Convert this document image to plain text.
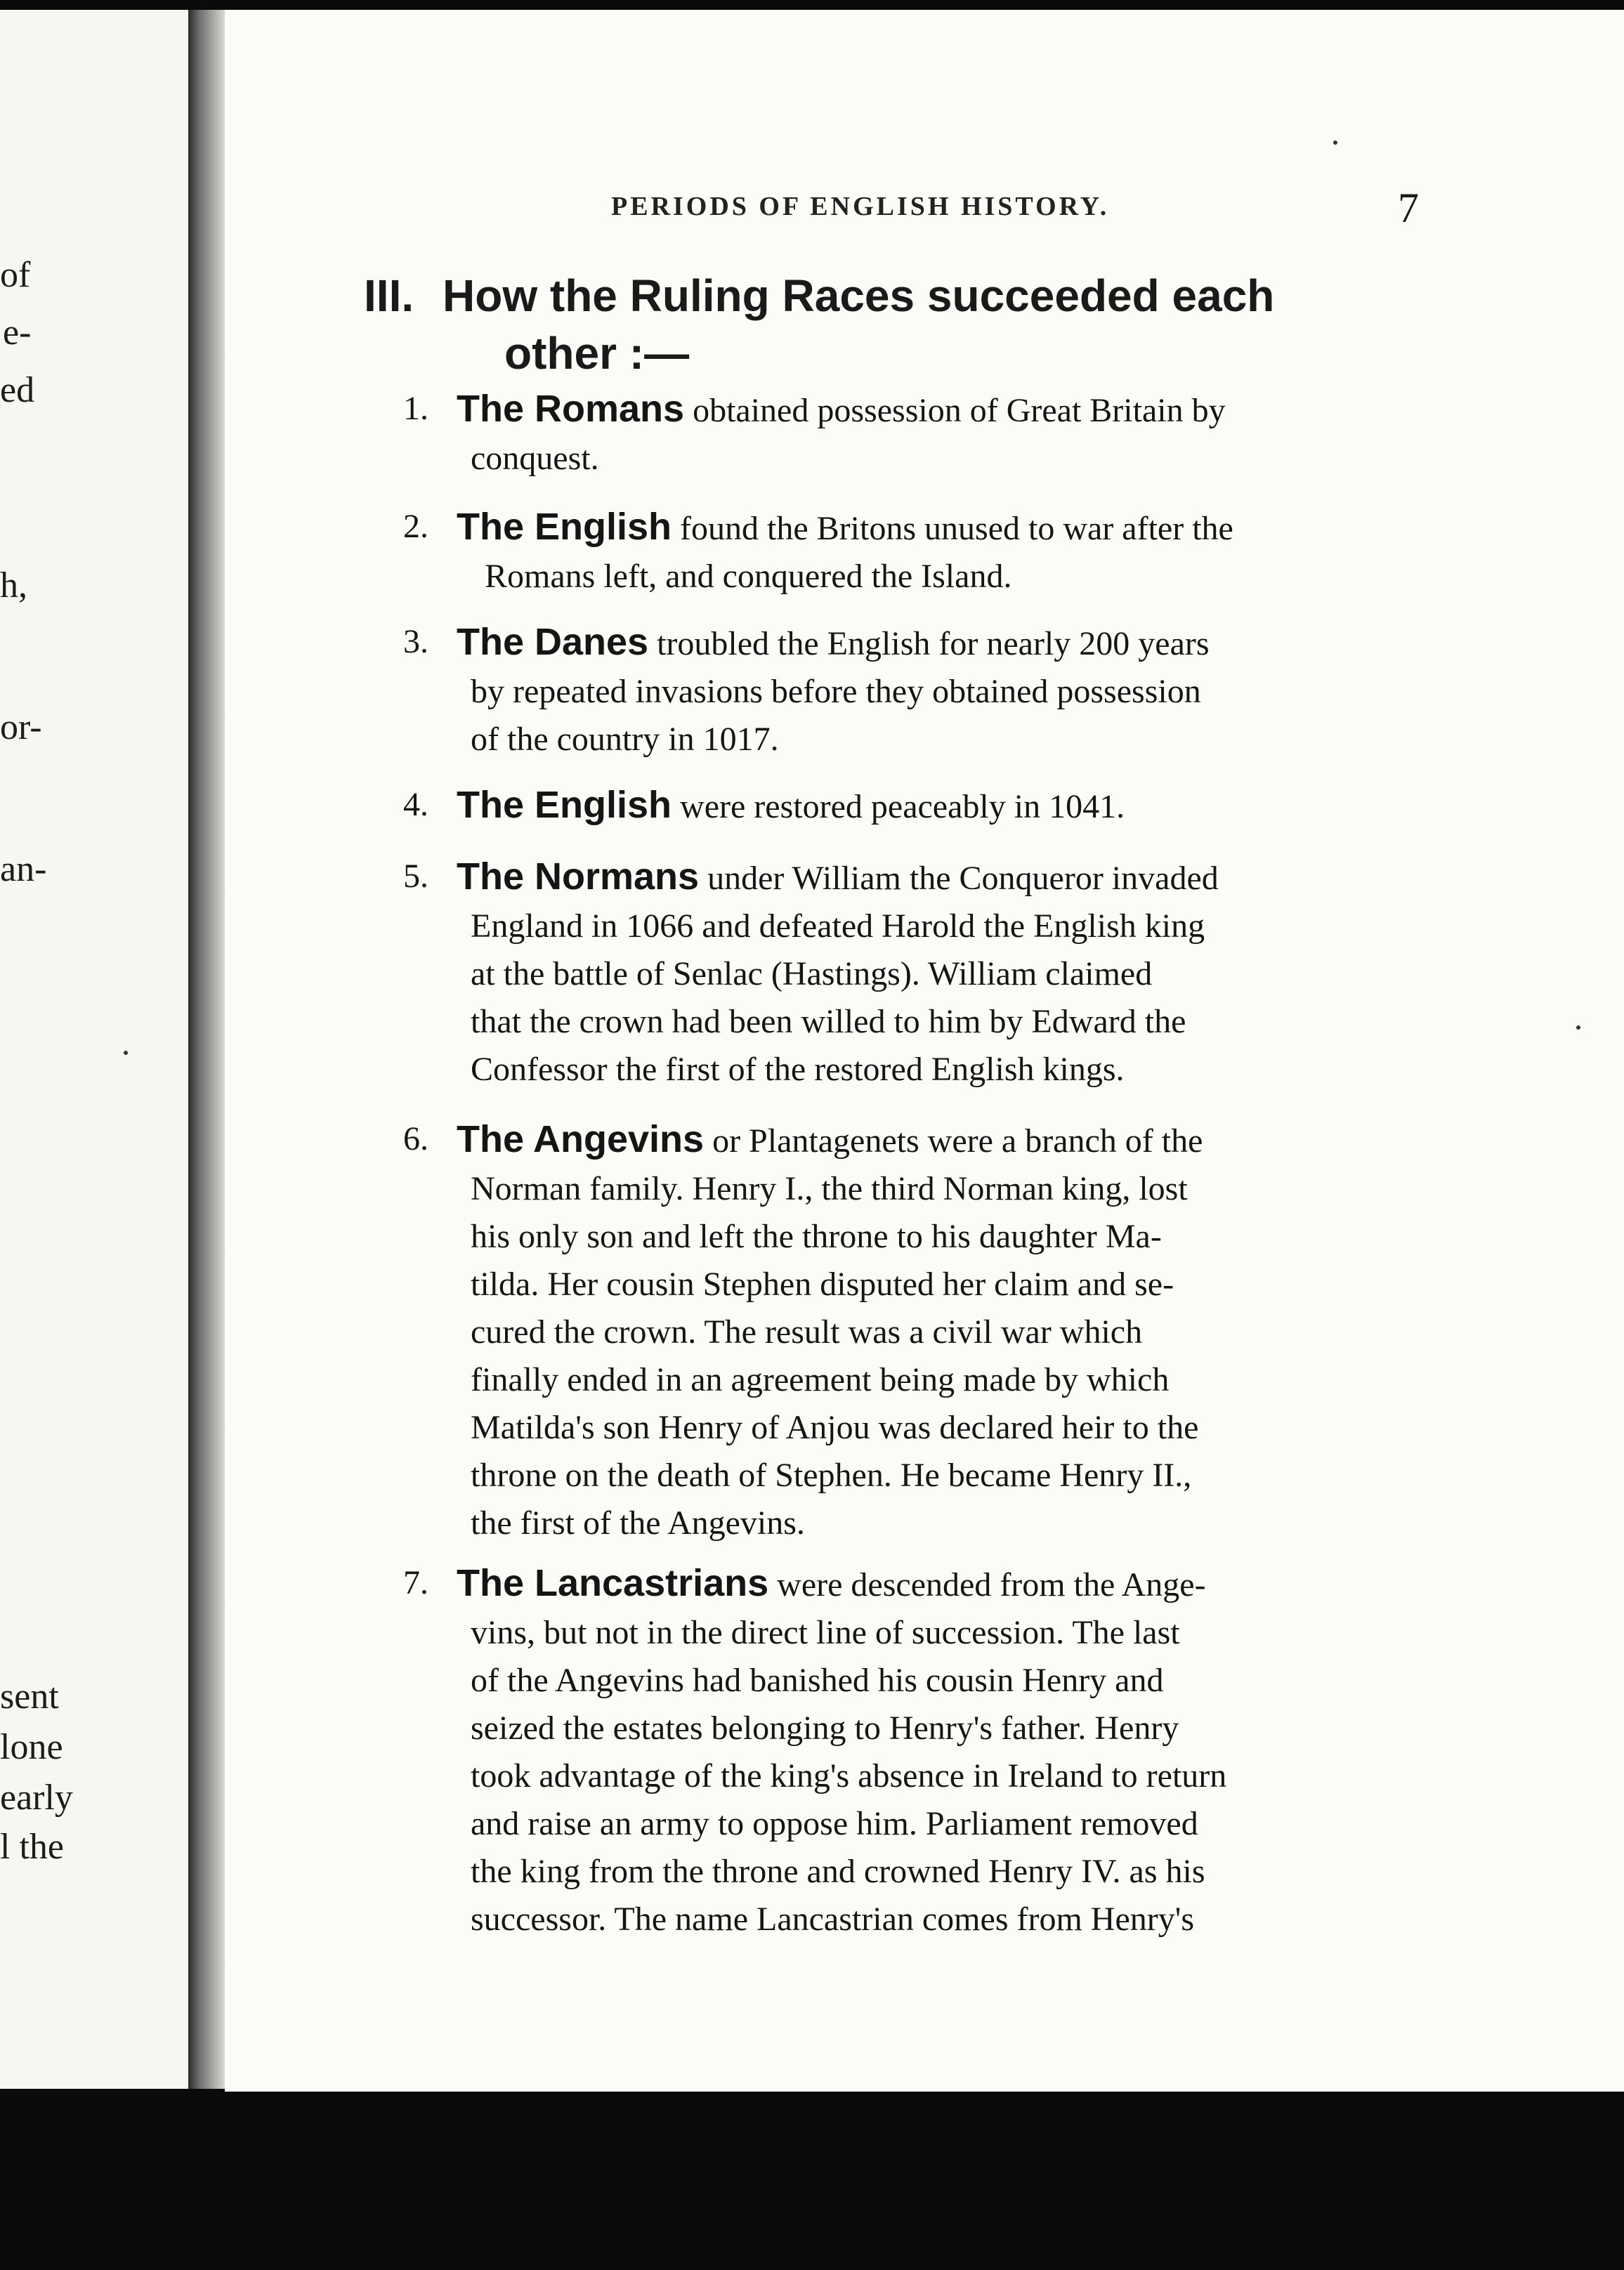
of
e-
ed
h,
or-
an-
sent
lone
early
l the
PERIODS OF ENGLISH HISTORY.	7
III. How the Ruling Races succeeded each
other :—
1. The Romans obtained possession of Great Britain by
conquest.
2. The English found the Britons unused to war after the
Romans left, and conquered the Island.
3. The Danes troubled the English for nearly 200 years
by repeated invasions before they obtained possession
of the country in 1017.
4. The English were restored peaceably in 1041.
5. The Normans under William the Conqueror invaded
England in 1066 and defeated Harold the English king
at the battle of Senlac (Hastings). William claimed
that the crown had been willed to him by Edward the
Confessor the first of the restored English kings.
6. The Angevins or Plantagenets were a branch of the
Norman family. Henry I., the third Norman king, lost
his only son and left the throne to his daughter Ma-
tilda. Her cousin Stephen disputed her claim and se-
cured the crown. The result was a civil war which
finally ended in an agreement being made by which
Matilda's son Henry of Anjou was declared heir to the
throne on the death of Stephen. He became Henry II.,
the first of the Angevins.
7. The Lancastrians were descended from the Ange-
vins, but not in the direct line of succession. The last
of the Angevins had banished his cousin Henry and
seized the estates belonging to Henry's father. Henry
took advantage of the king's absence in Ireland to return
and raise an army to oppose him. Parliament removed
the king from the throne and crowned Henry IV. as his
successor. The name Lancastrian comes from Henry's
